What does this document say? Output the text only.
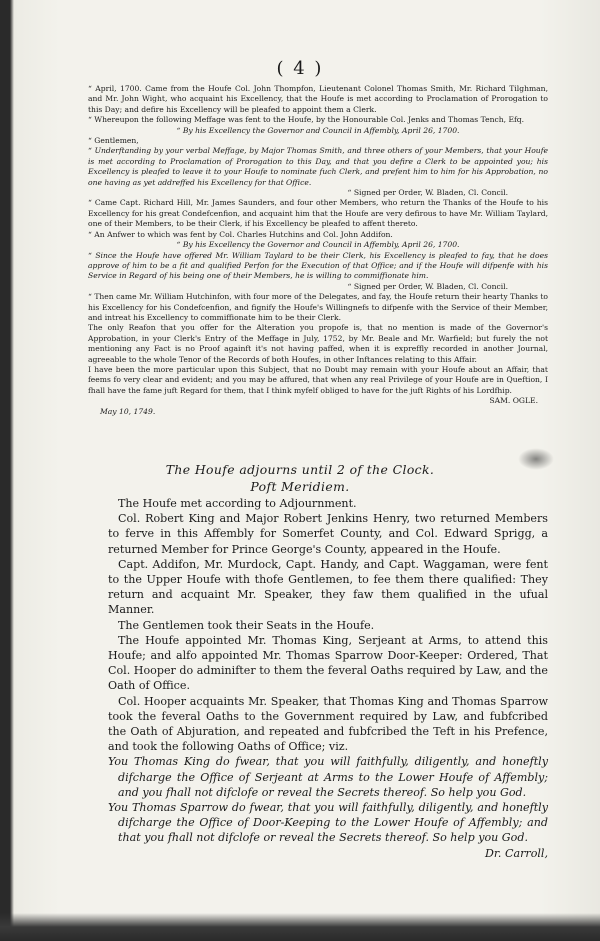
( 4 )

“ April, 1700. Came from the Houfe Col. John Thompfon, Lieutenant Colonel Thomas Smith, Mr. Richard Tilghman, and Mr. John Wight, who acquaint his Excellency, that the Houfe is met according to Proclamation of Prorogation to this Day; and defire his Excellency will be pleafed to appoint them a Clerk.

“ Whereupon the following Meffage was fent to the Houfe, by the Honourable Col. Jenks and Thomas Tench, Efq.

“ By his Excellency the Governor and Council in Affembly, April 26, 1700.

“ Gentlemen,

“ Underftanding by your verbal Meffage, by Major Thomas Smith, and three others of your Members, that your Houfe is met according to Proclamation of Prorogation to this Day, and that you defire a Clerk to be appointed you; his Excellency is pleafed to leave it to your Houfe to nominate fuch Clerk, and prefent him to him for his Approbation, no one having as yet addreffed his Excellency for that Office.

“ Signed per Order, W. Bladen, Cl. Concil.

“ Came Capt. Richard Hill, Mr. James Saunders, and four other Members, who return the Thanks of the Houfe to his Excellency for his great Condefcenfion, and acquaint him that the Houfe are very defirous to have Mr. William Taylard, one of their Members, to be their Clerk, if his Excellency be pleafed to affent thereto.

“ An Anfwer to which was fent by Col. Charles Hutchins and Col. John Addifon.

“ By his Excellency the Governor and Council in Affembly, April 26, 1700.

“ Since the Houfe have offered Mr. William Taylard to be their Clerk, his Excellency is pleafed to fay, that he does approve of him to be a fit and qualified Perfon for the Execution of that Office; and if the Houfe will difpenfe with his Service in Regard of his being one of their Members, he is willing to commiffionate him.

“ Signed per Order, W. Bladen, Cl. Concil.

“ Then came Mr. William Hutchinfon, with four more of the Delegates, and fay, the Houfe return their hearty Thanks to his Excellency for his Condefcenfion, and fignify the Houfe's Willingnefs to difpenfe with the Service of their Member, and intreat his Excellency to commiffionate him to be their Clerk.

The only Reafon that you offer for the Alteration you propofe is, that no mention is made of the Governor's Approbation, in your Clerk's Entry of the Meffage in July, 1752, by Mr. Beale and Mr. Warfield; but furely the not mentioning any Fact is no Proof againft it's not having paffed, when it is expreffly recorded in another Journal, agreeable to the whole Tenor of the Records of both Houfes, in other Inftances relating to this Affair.

I have been the more particular upon this Subject, that no Doubt may remain with your Houfe about an Affair, that feems fo very clear and evident; and you may be affured, that when any real Privilege of your Houfe are in Queftion, I fhall have the fame juft Regard for them, that I think myfelf obliged to have for the juft Rights of his Lordfhip.

SAM. OGLE.

May 10, 1749.

The Houfe adjourns until 2 of the Clock.
Poft Meridiem.

The Houfe met according to Adjournment.

Col. Robert King and Major Robert Jenkins Henry, two returned Members to ferve in this Affembly for Somerfet County, and Col. Edward Sprigg, a returned Member for Prince George's County, appeared in the Houfe.

Capt. Addifon, Mr. Murdock, Capt. Handy, and Capt. Waggaman, were fent to the Upper Houfe with thofe Gentlemen, to fee them there qualified: They return and acquaint Mr. Speaker, they faw them qualified in the ufual Manner.

The Gentlemen took their Seats in the Houfe.

The Houfe appointed Mr. Thomas King, Serjeant at Arms, to attend this Houfe; and alfo appointed Mr. Thomas Sparrow Door-Keeper: Ordered, That Col. Hooper do adminifter to them the feveral Oaths required by Law, and the Oath of Office.

Col. Hooper acquaints Mr. Speaker, that Thomas King and Thomas Sparrow took the feveral Oaths to the Government required by Law, and fubfcribed the Oath of Abjuration, and repeated and fubfcribed the Teft in his Prefence, and took the following Oaths of Office; viz.

You Thomas King do fwear, that you will faithfully, diligently, and honeftly difcharge the Office of Serjeant at Arms to the Lower Houfe of Affembly; and you fhall not difclofe or reveal the Secrets thereof. So help you God.

You Thomas Sparrow do fwear, that you will faithfully, diligently, and honeftly difcharge the Office of Door-Keeping to the Lower Houfe of Affembly; and that you fhall not difclofe or reveal the Secrets thereof. So help you God.

Dr. Carroll,
